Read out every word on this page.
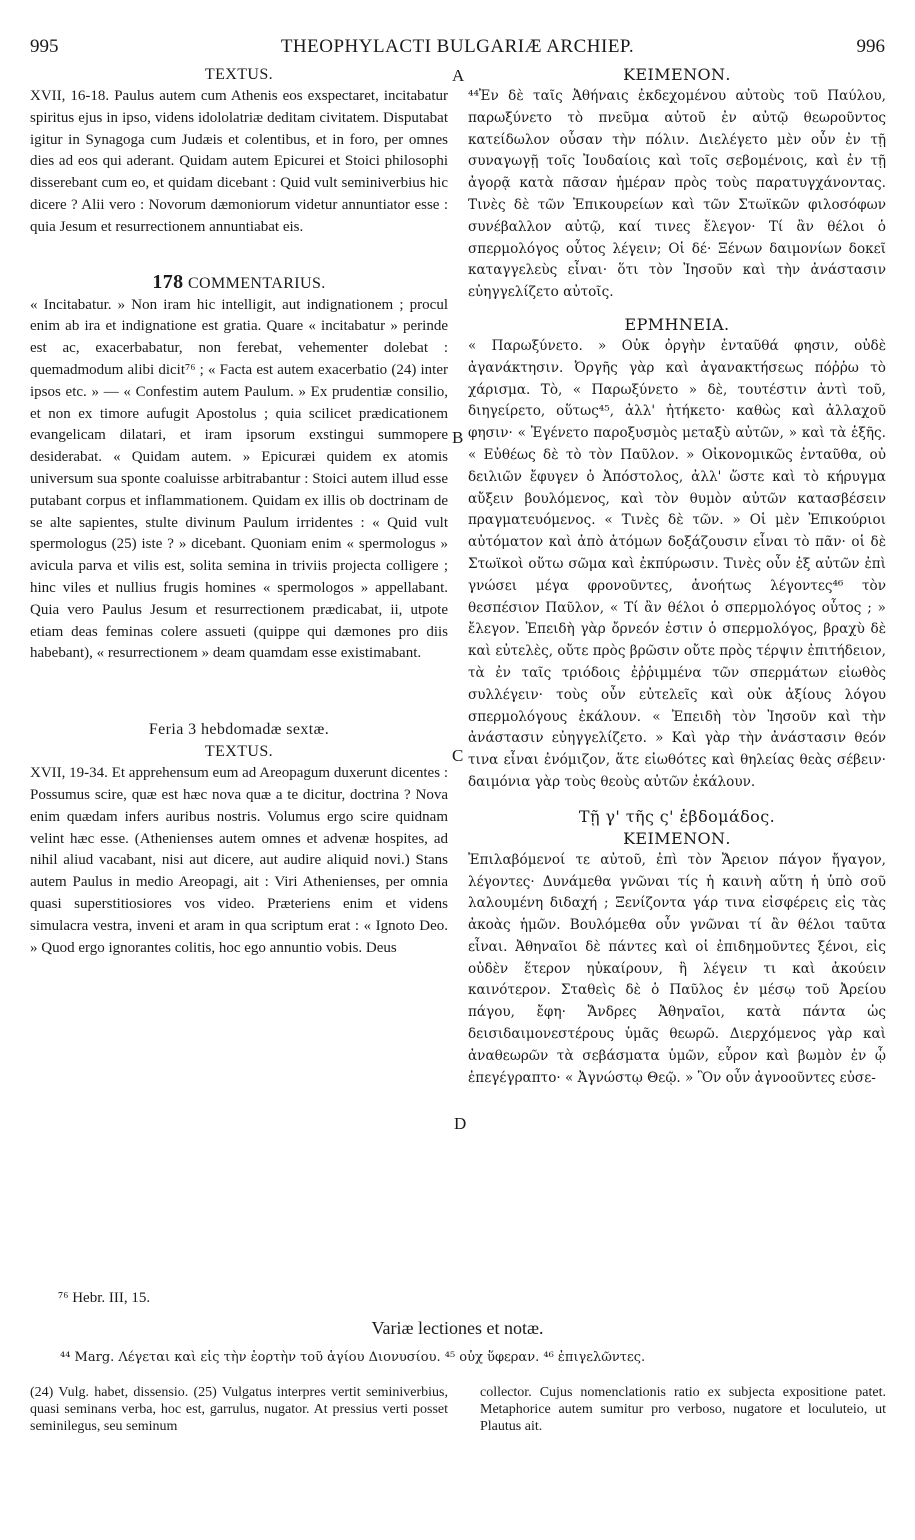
995	THEOPHYLACTI BULGARIÆ ARCHIEP.	996
A
B
C
D
TEXTUS.

XVII, 16-18. Paulus autem cum Athenis eos exspectaret, incitabatur spiritus ejus in ipso, videns idololatriæ deditam civitatem. Disputabat igitur in Synagoga cum Judæis et colentibus, et in foro, per omnes dies ad eos qui aderant. Quidam autem Epicurei et Stoici philosophi disserebant cum eo, et quidam dicebant : Quid vult seminiverbius hic dicere ? Alii vero : Novorum dæmoniorum videtur annuntiator esse : quia Jesum et resurrectionem annuntiabat eis.

178 COMMENTARIUS.

« Incitabatur. » Non iram hic intelligit, aut indignationem ; procul enim ab ira et indignatione est gratia. Quare « incitabatur » perinde est ac, exacerbabatur, non ferebat, vehementer dolebat : quemadmodum alibi dicit⁷⁶ ; « Facta est autem exacerbatio (24) inter ipsos etc. » — « Confestim autem Paulum. » Ex prudentiæ consilio, et non ex timore aufugit Apostolus ; quia scilicet prædicationem evangelicam dilatari, et iram ipsorum exstingui summopere desiderabat. « Quidam autem. » Epicuræi quidem ex atomis universum sua sponte coaluisse arbitrabantur : Stoici autem illud esse putabant corpus et inflammationem. Quidam ex illis ob doctrinam de se alte sapientes, stulte divinum Paulum irridentes : « Quid vult spermologus (25) iste ? » dicebant. Quoniam enim « spermologus » avicula parva et vilis est, solita semina in triviis projecta colligere ; hinc viles et nullius frugis homines « spermologos » appellabant. Quia vero Paulus Jesum et resurrectionem prædicabat, ii, utpote etiam deas feminas colere assueti (quippe qui dæmones pro diis habebant), « resurrectionem » deam quamdam esse existimabant.

Feria 3 hebdomadæ sextæ.
TEXTUS.

XVII, 19-34. Et apprehensum eum ad Areopagum duxerunt dicentes : Possumus scire, quæ est hæc nova quæ a te dicitur, doctrina ? Nova enim quædam infers auribus nostris. Volumus ergo scire quidnam velint hæc esse. (Athenienses autem omnes et advenæ hospites, ad nihil aliud vacabant, nisi aut dicere, aut audire aliquid novi.) Stans autem Paulus in medio Areopagi, ait : Viri Athenienses, per omnia quasi superstitiosiores vos video. Præteriens enim et videns simulacra vestra, inveni et aram in qua scriptum erat : « Ignoto Deo. » Quod ergo ignorantes colitis, hoc ego annuntio vobis. Deus

ΚΕΙΜΕΝΟΝ.

⁴⁴Ἐν δὲ ταῖς Ἀθήναις ἐκδεχομένου αὐτοὺς τοῦ Παύλου, παρωξύνετο τὸ πνεῦμα αὐτοῦ ἐν αὐτῷ θεωροῦντος κατείδωλον οὖσαν τὴν πόλιν. Διελέγετο μὲν οὖν ἐν τῇ συναγωγῇ τοῖς Ἰουδαίοις καὶ τοῖς σεβομένοις, καὶ ἐν τῇ ἀγορᾷ κατὰ πᾶσαν ἡμέραν πρὸς τοὺς παρατυγχάνοντας. Τινὲς δὲ τῶν Ἐπικουρείων καὶ τῶν Στωϊκῶν φιλοσόφων συνέβαλλον αὐτῷ, καί τινες ἔλεγον· Τί ἂν θέλοι ὁ σπερμολόγος οὗτος λέγειν; Οἱ δέ· Ξένων δαιμονίων δοκεῖ καταγγελεὺς εἶναι· ὅτι τὸν Ἰησοῦν καὶ τὴν ἀνάστασιν εὐηγγελίζετο αὐτοῖς.

ΕΡΜΗΝΕΙΑ.

« Παρωξύνετο. » Οὐκ ὀργὴν ἐνταῦθά φησιν, οὐδὲ ἀγανάκτησιν. Ὀργῆς γὰρ καὶ ἀγανακτήσεως πόῤῥω τὸ χάρισμα. Τὸ, « Παρωξύνετο » δὲ, τουτέστιν ἀντὶ τοῦ, διηγείρετο, οὕτως⁴⁵, ἀλλ' ἠτήκετο· καθὼς καὶ ἀλλαχοῦ φησιν· « Ἐγένετο παροξυσμὸς μεταξὺ αὐτῶν, » καὶ τὰ ἑξῆς. « Εὐθέως δὲ τὸ τὸν Παῦλον. » Οἰκονομικῶς ἐνταῦθα, οὐ δειλιῶν ἔφυγεν ὁ Ἀπόστολος, ἀλλ' ὥστε καὶ τὸ κήρυγμα αὔξειν βουλόμενος, καὶ τὸν θυμὸν αὐτῶν κατασβέσειν πραγματευόμενος. « Τινὲς δὲ τῶν. » Οἱ μὲν Ἐπικούριοι αὐτόματον καὶ ἀπὸ ἀτόμων δοξάζουσιν εἶναι τὸ πᾶν· οἱ δὲ Στωϊκοὶ οὕτω σῶμα καὶ ἐκπύρωσιν. Τινὲς οὖν ἐξ αὐτῶν ἐπὶ γνώσει μέγα φρονοῦντες, ἀνοήτως λέγοντες⁴⁶ τὸν θεσπέσιον Παῦλον, « Τί ἂν θέλοι ὁ σπερμολόγος οὗτος ; » ἔλεγον. Ἐπειδὴ γὰρ ὄρνεόν ἐστιν ὁ σπερμολόγος, βραχὺ δὲ καὶ εὐτελὲς, οὔτε πρὸς βρῶσιν οὔτε πρὸς τέρψιν ἐπιτήδειον, τὰ ἐν ταῖς τριόδοις ἐῤῥιμμένα τῶν σπερμάτων εἰωθὸς συλλέγειν· τοὺς οὖν εὐτελεῖς καὶ οὐκ ἀξίους λόγου σπερμολόγους ἐκάλουν. « Ἐπειδὴ τὸν Ἰησοῦν καὶ τὴν ἀνάστασιν εὐηγγελίζετο. » Καὶ γὰρ τὴν ἀνάστασιν θεόν τινα εἶναι ἐνόμιζον, ἅτε εἰωθότες καὶ θηλείας θεὰς σέβειν· δαιμόνια γὰρ τοὺς θεοὺς αὐτῶν ἐκάλουν.

Τῇ γ' τῆς ς' ἑβδομάδος.
ΚΕΙΜΕΝΟΝ.

Ἐπιλαβόμενοί τε αὐτοῦ, ἐπὶ τὸν Ἄρειον πάγον ἤγαγον, λέγοντες· Δυνάμεθα γνῶναι τίς ἡ καινὴ αὕτη ἡ ὑπὸ σοῦ λαλουμένη διδαχή ; Ξενίζοντα γάρ τινα εἰσφέρεις εἰς τὰς ἀκοὰς ἡμῶν. Βουλόμεθα οὖν γνῶναι τί ἂν θέλοι ταῦτα εἶναι. Ἀθηναῖοι δὲ πάντες καὶ οἱ ἐπιδημοῦντες ξένοι, εἰς οὐδὲν ἕτερον ηὐκαίρουν, ἢ λέγειν τι καὶ ἀκούειν καινότερον. Σταθεὶς δὲ ὁ Παῦλος ἐν μέσῳ τοῦ Ἀρείου πάγου, ἔφη· Ἄνδρες Ἀθηναῖοι, κατὰ πάντα ὡς δεισιδαιμονεστέρους ὑμᾶς θεωρῶ. Διερχόμενος γὰρ καὶ ἀναθεωρῶν τὰ σεβάσματα ὑμῶν, εὗρον καὶ βωμὸν ἐν ᾧ ἐπεγέγραπτο· « Ἀγνώστῳ Θεῷ. » Ὃν οὖν ἀγνοοῦντες εὐσε-

⁷⁶ Hebr. III, 15.
Variæ lectiones et notæ.
⁴⁴ Marg. Λέγεται καὶ εἰς τὴν ἑορτὴν τοῦ ἁγίου Διονυσίου. ⁴⁵ οὐχ ὕφεραν. ⁴⁶ ἐπιγελῶντες.
(24) Vulg. habet, dissensio. (25) Vulgatus interpres vertit seminiverbius, quasi seminans verba, hoc est, garrulus, nugator. At pressius verti posset seminilegus, seu seminum
collector. Cujus nomenclationis ratio ex subjecta expositione patet. Metaphorice autem sumitur pro verboso, nugatore et loculuteio, ut Plautus ait.
